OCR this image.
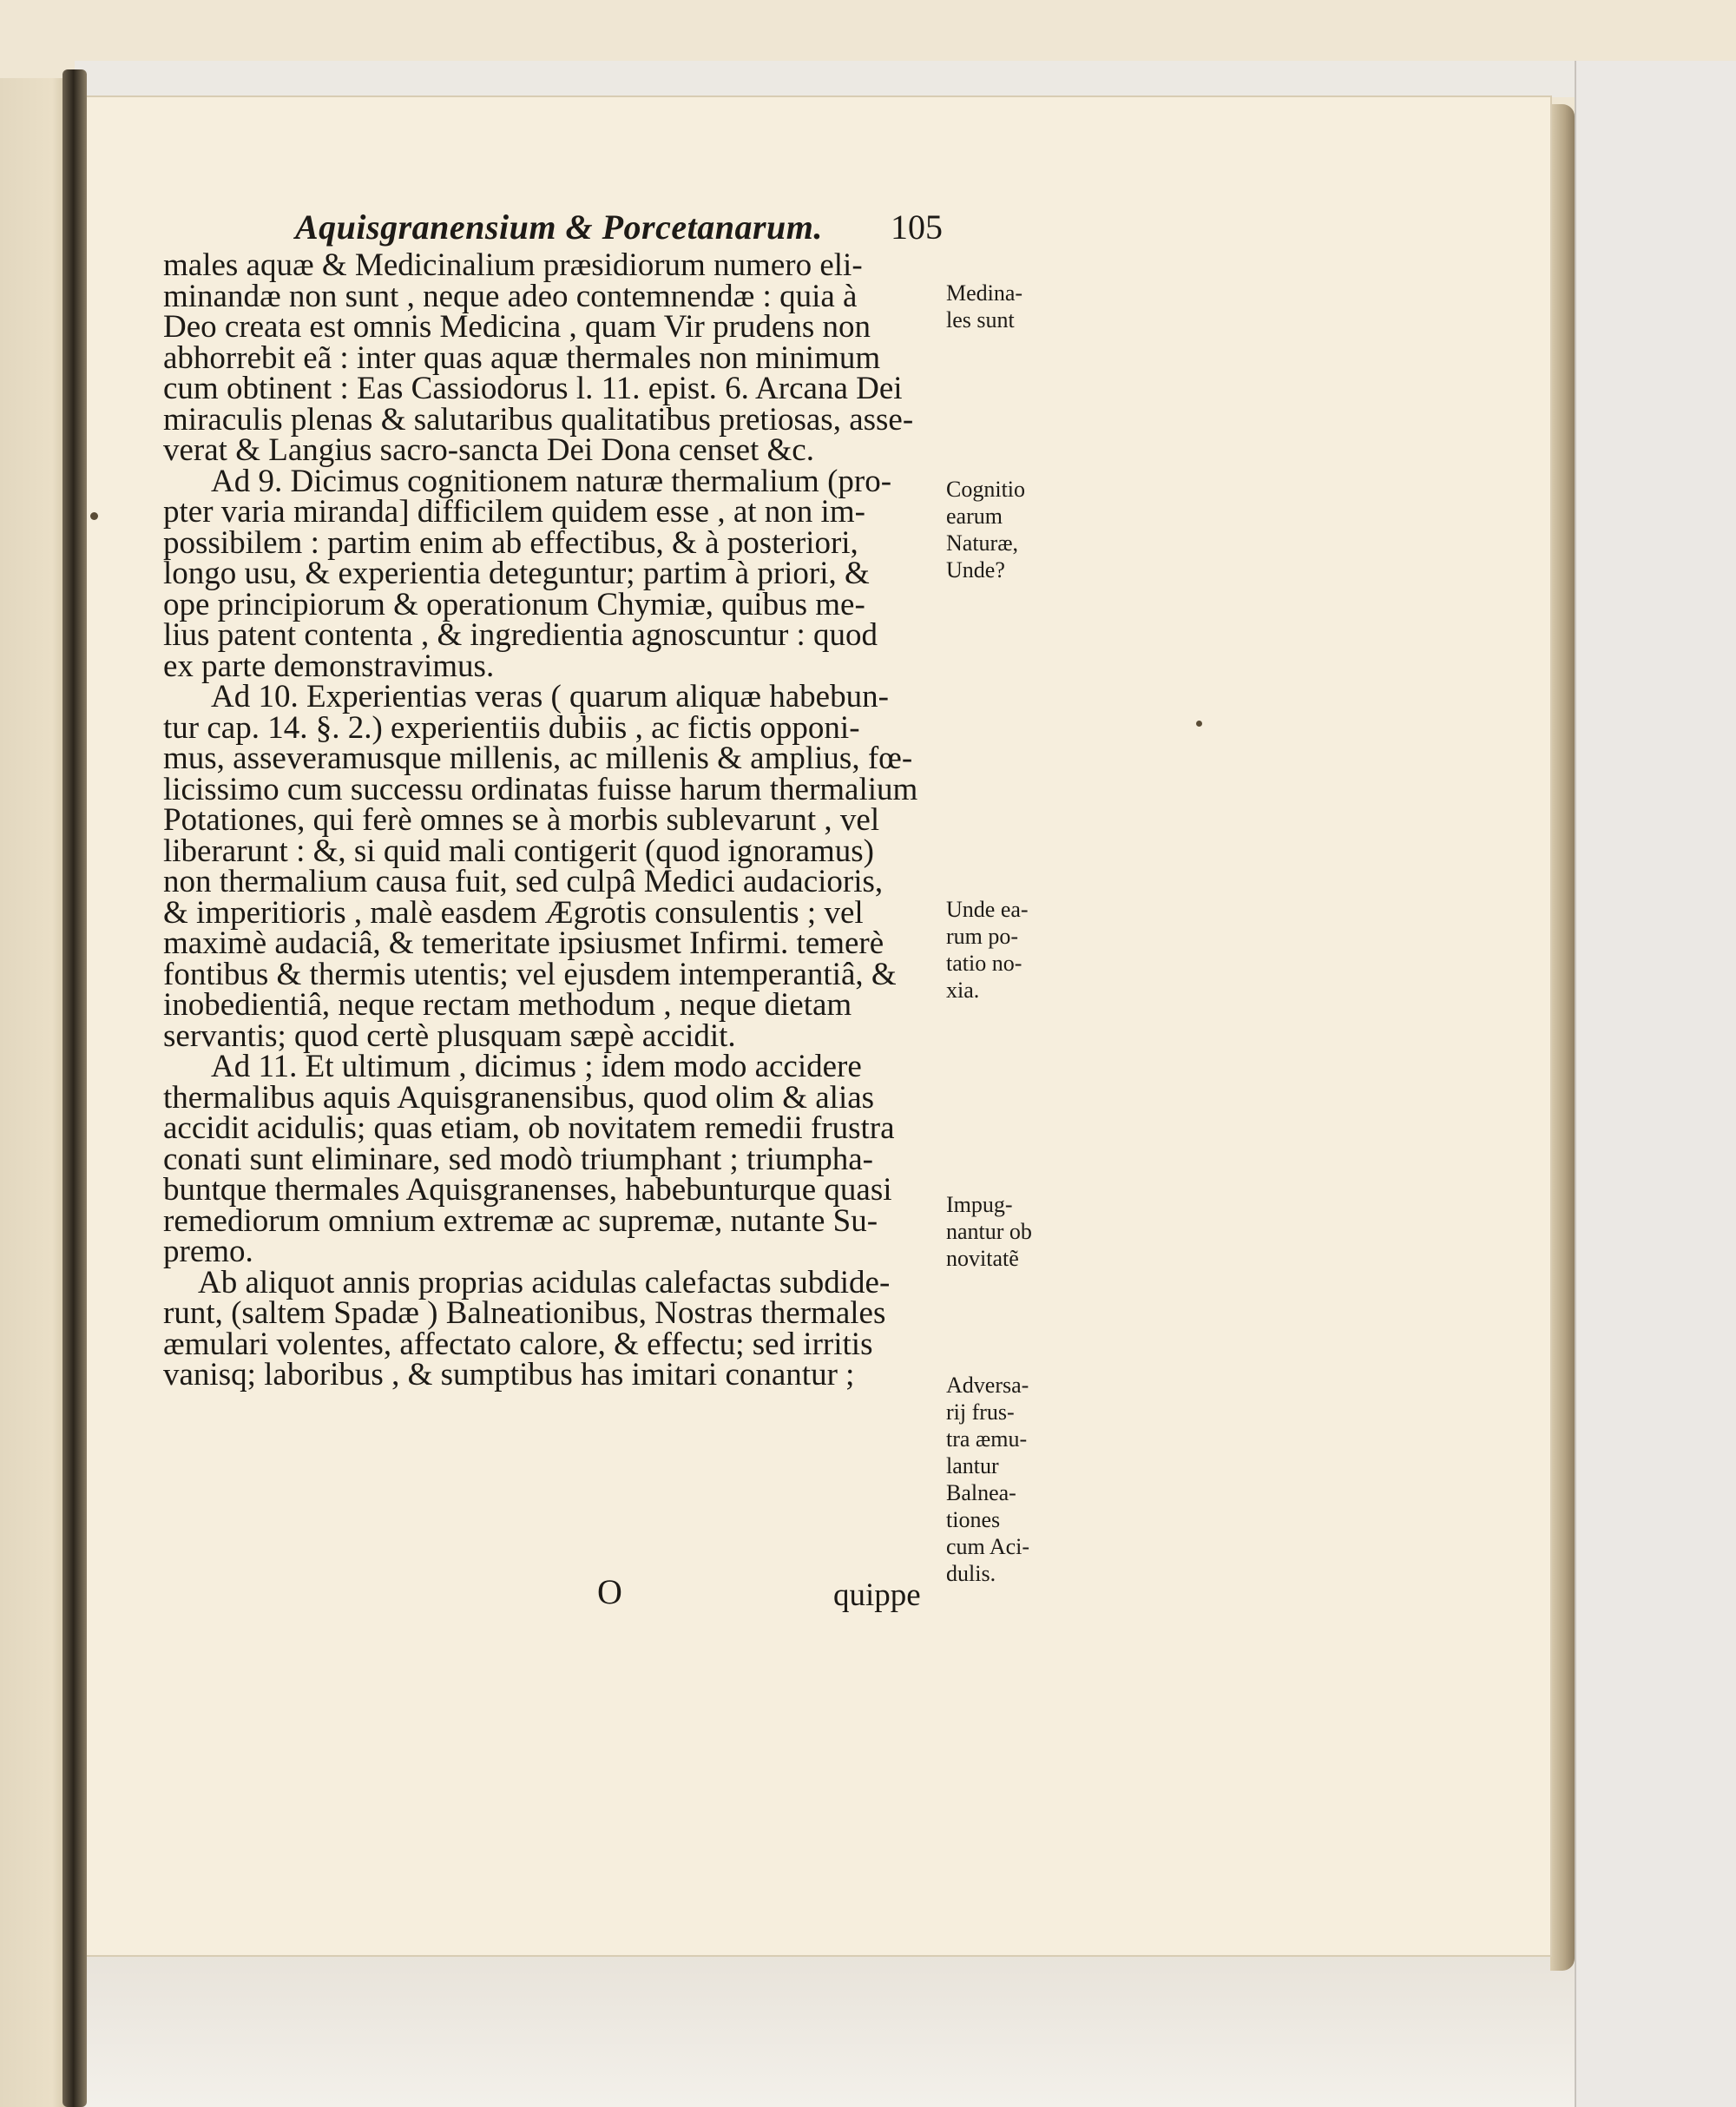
Aquisgranensium & Porcetanarum. 105
males aquæ & Medicinalium præsidiorum numero eli-
minandæ non sunt , neque adeo contemnendæ : quia à
Deo creata est omnis Medicina , quam Vir prudens non
abhorrebit eã : inter quas aquæ thermales non minimum
cum obtinent : Eas Cassiodorus l. 11. epist. 6. Arcana Dei
miraculis plenas & salutaribus qualitatibus pretiosas, asse-
verat & Langius sacro-sancta Dei Dona censet &c.
Ad 9. Dicimus cognitionem naturæ thermalium (pro-
pter varia miranda] difficilem quidem esse , at non im-
possibilem : partim enim ab effectibus, & à posteriori,
longo usu, & experientia deteguntur; partim à priori, &
ope principiorum & operationum Chymiæ, quibus me-
lius patent contenta , & ingredientia agnoscuntur : quod
ex parte demonstravimus.
Ad 10. Experientias veras ( quarum aliquæ habebun-
tur cap. 14. §. 2.) experientiis dubiis , ac fictis opponi-
mus, asseveramusque millenis, ac millenis & amplius, fœ-
licissimo cum successu ordinatas fuisse harum thermalium
Potationes, qui ferè omnes se à morbis sublevarunt , vel
liberarunt : &, si quid mali contigerit (quod ignoramus)
non thermalium causa fuit, sed culpâ Medici audacioris,
& imperitioris , malè easdem Ægrotis consulentis ; vel
maximè audaciâ, & temeritate ipsiusmet Infirmi. temerè
fontibus & thermis utentis; vel ejusdem intemperantiâ, &
inobedientiâ, neque rectam methodum , neque dietam
servantis; quod certè plusquam sæpè accidit.
Ad 11. Et ultimum , dicimus ; idem modo accidere
thermalibus aquis Aquisgranensibus, quod olim & alias
accidit acidulis; quas etiam, ob novitatem remedii frustra
conati sunt eliminare, sed modò triumphant ; triumpha-
buntque thermales Aquisgranenses, habebunturque quasi
remediorum omnium extremæ ac supremæ, nutante Su-
premo.
Ab aliquot annis proprias acidulas calefactas subdide-
runt, (saltem Spadæ ) Balneationibus, Nostras thermales
æmulari volentes, affectato calore, & effectu; sed irritis
vanisq; laboribus , & sumptibus has imitari conantur ;
Medina-
les sunt
Cognitio
earum
Naturæ,
Unde?
Unde ea-
rum po-
tatio no-
xia.
Impug-
nantur ob
novitatẽ
Adversa-
rij frus-
tra æmu-
lantur
Balnea-
tiones
cum Aci-
dulis.
O	quippe
